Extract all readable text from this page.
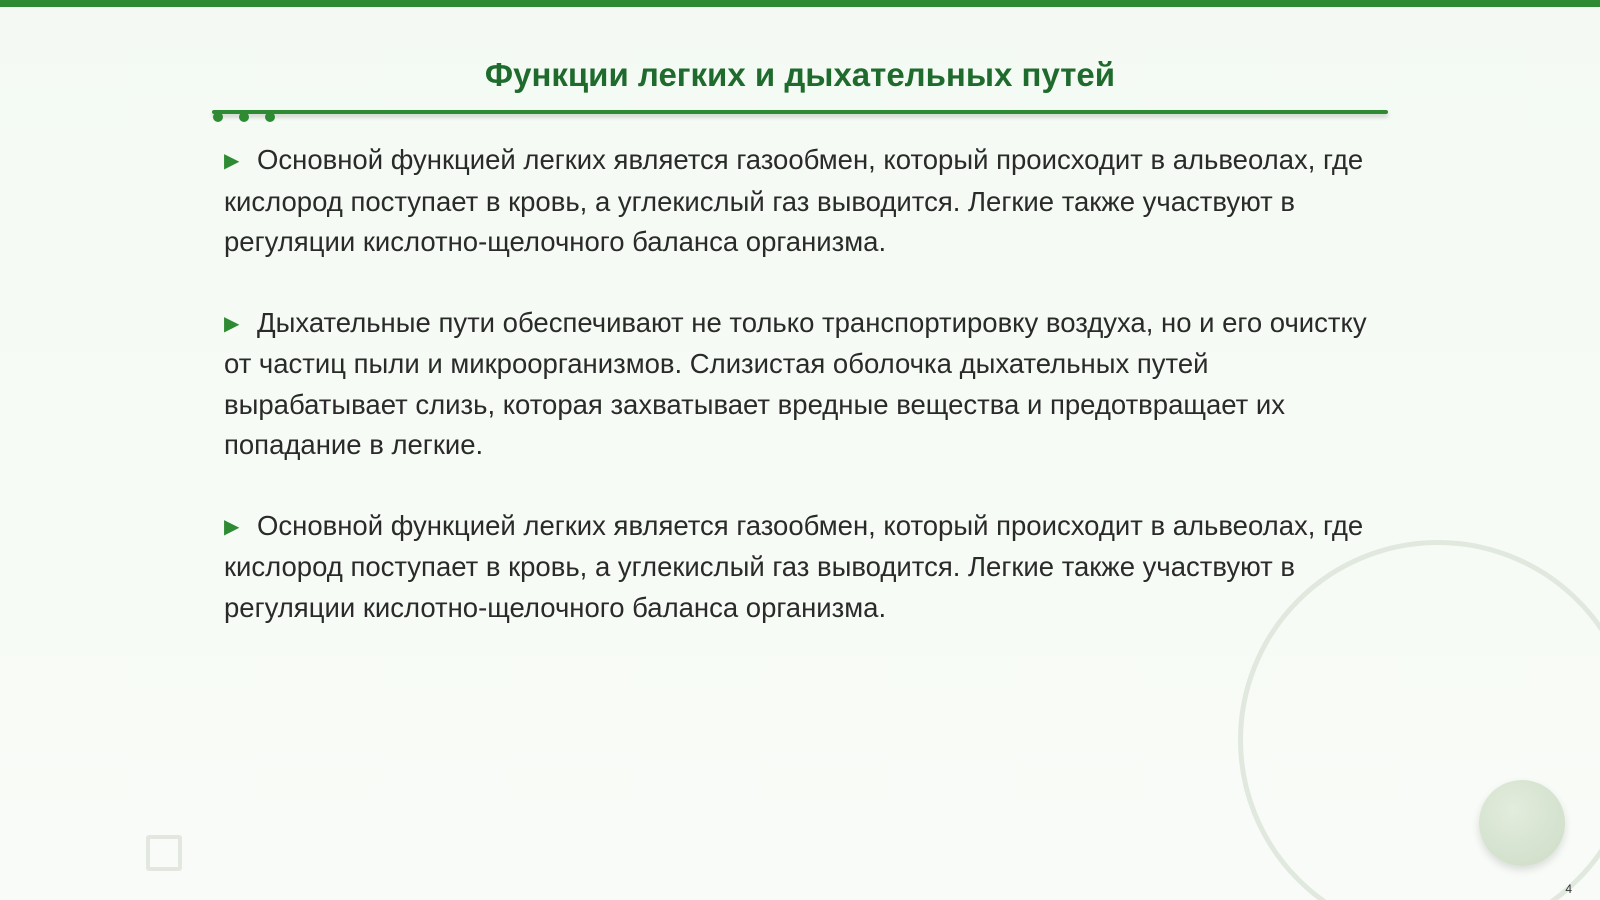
Функции легких и дыхательных путей

▶ Основной функцией легких является газообмен, который происходит в альвеолах, где кислород поступает в кровь, а углекислый газ выводится. Легкие также участвуют в регуляции кислотно-щелочного баланса организма.

▶ Дыхательные пути обеспечивают не только транспортировку воздуха, но и его очистку от частиц пыли и микроорганизмов. Слизистая оболочка дыхательных путей вырабатывает слизь, которая захватывает вредные вещества и предотвращает их попадание в легкие.

▶ Основной функцией легких является газообмен, который происходит в альвеолах, где кислород поступает в кровь, а углекислый газ выводится. Легкие также участвуют в регуляции кислотно-щелочного баланса организма.

4
